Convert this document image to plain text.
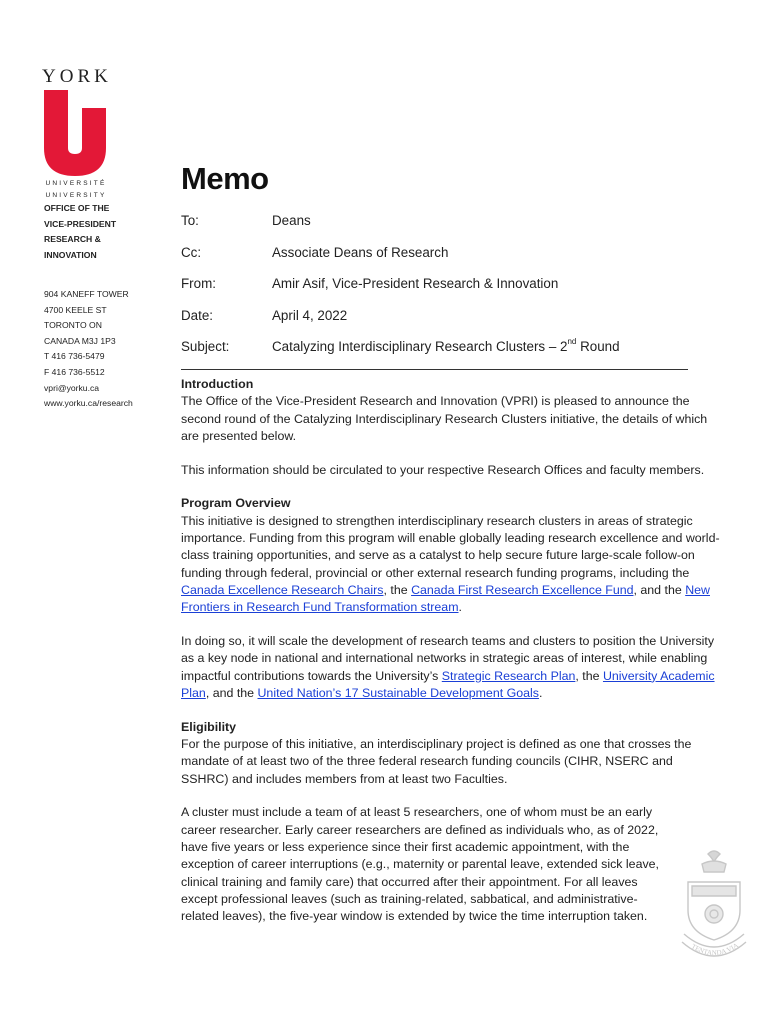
YORK
UNIVERSITÉ
UNIVERSITY Memo
OFFICE OF THE
VICE-PRESIDENT
RESEARCH &
INNOVATION
904 KANEFF TOWER
4700 KEELE ST
TORONTO ON
CANADA M3J 1P3
T 416 736-5479
F 416 736-5512
vpri@yorku.ca
www.yorku.ca/research
To:	Deans
Cc:	Associate Deans of Research
From:	Amir Asif, Vice-President Research & Innovation
Date:	April 4, 2022
Subject:	Catalyzing Interdisciplinary Research Clusters – 2nd Round

Introduction
The Office of the Vice-President Research and Innovation (VPRI) is pleased to announce the second round of the Catalyzing Interdisciplinary Research Clusters initiative, the details of which are presented below.

This information should be circulated to your respective Research Offices and faculty members.

Program Overview
This initiative is designed to strengthen interdisciplinary research clusters in areas of strategic importance. Funding from this program will enable globally leading research excellence and world-class training opportunities, and serve as a catalyst to help secure future large-scale follow-on funding through federal, provincial or other external research funding programs, including the Canada Excellence Research Chairs, the Canada First Research Excellence Fund, and the New Frontiers in Research Fund Transformation stream.

In doing so, it will scale the development of research teams and clusters to position the University as a key node in national and international networks in strategic areas of interest, while enabling impactful contributions towards the University’s Strategic Research Plan, the University Academic Plan, and the United Nation’s 17 Sustainable Development Goals.

Eligibility
For the purpose of this initiative, an interdisciplinary project is defined as one that crosses the mandate of at least two of the three federal research funding councils (CIHR, NSERC and SSHRC) and includes members from at least two Faculties.

A cluster must include a team of at least 5 researchers, one of whom must be an early career researcher. Early career researchers are defined as individuals who, as of 2022, have five years or less experience since their first academic appointment, with the exception of career interruptions (e.g., maternity or parental leave, extended sick leave, clinical training and family care) that occurred after their appointment. For all leaves except professional leaves (such as training-related, sabbatical, and administrative-related leaves), the five-year window is extended by twice the time interruption taken.

TENTANDA VIA
